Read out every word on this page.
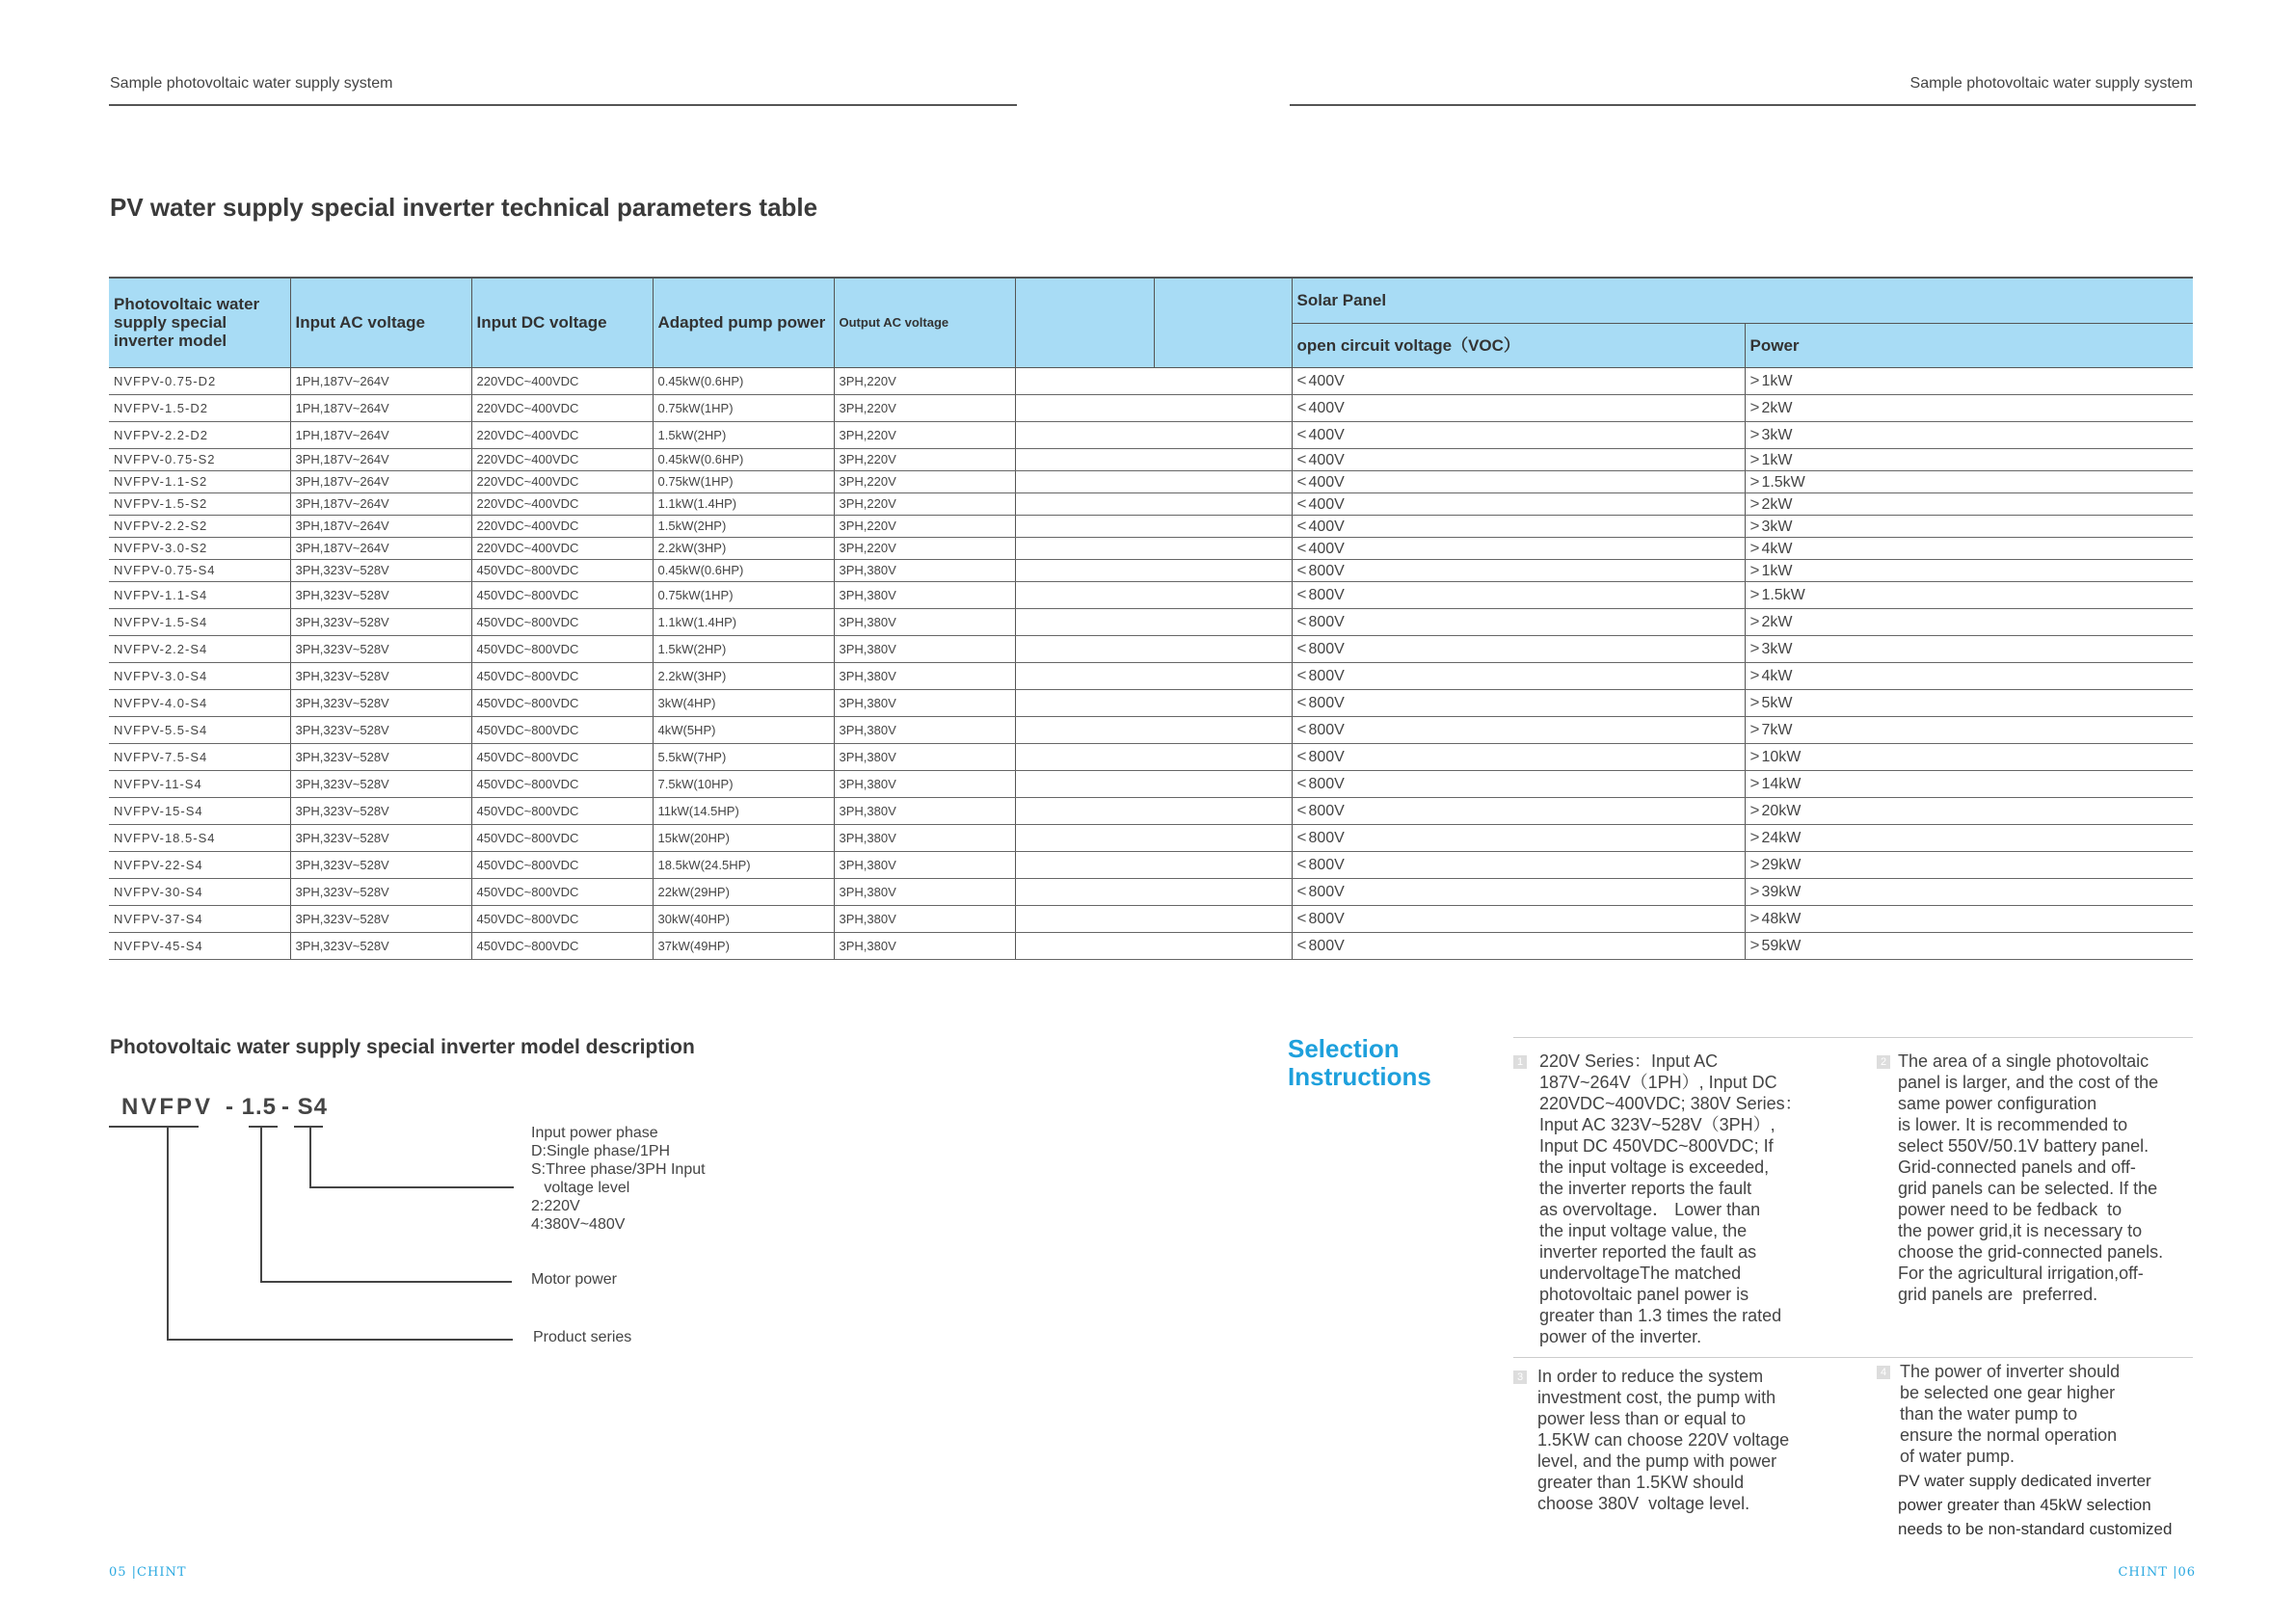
Sample photovoltaic water supply system	Sample photovoltaic water supply system
PV water supply special inverter technical parameters table
Photovoltaic water supply special inverter model	Input AC voltage	Input DC voltage	Adapted pump power	Output AC voltage			Solar Panel	
							open circuit voltage（VOC）	Power
NVFPV-0.75-D2	1PH,187V~264V	220VDC~400VDC	0.45kW(0.6HP)	3PH,220V			< 400V	> 1kW
NVFPV-1.5-D2	1PH,187V~264V	220VDC~400VDC	0.75kW(1HP)	3PH,220V			< 400V	> 2kW
NVFPV-2.2-D2	1PH,187V~264V	220VDC~400VDC	1.5kW(2HP)	3PH,220V			< 400V	> 3kW
NVFPV-0.75-S2	3PH,187V~264V	220VDC~400VDC	0.45kW(0.6HP)	3PH,220V			< 400V	> 1kW
NVFPV-1.1-S2	3PH,187V~264V	220VDC~400VDC	0.75kW(1HP)	3PH,220V			< 400V	> 1.5kW
NVFPV-1.5-S2	3PH,187V~264V	220VDC~400VDC	1.1kW(1.4HP)	3PH,220V			< 400V	> 2kW
NVFPV-2.2-S2	3PH,187V~264V	220VDC~400VDC	1.5kW(2HP)	3PH,220V			< 400V	> 3kW
NVFPV-3.0-S2	3PH,187V~264V	220VDC~400VDC	2.2kW(3HP)	3PH,220V			< 400V	> 4kW
NVFPV-0.75-S4	3PH,323V~528V	450VDC~800VDC	0.45kW(0.6HP)	3PH,380V			< 800V	> 1kW
NVFPV-1.1-S4	3PH,323V~528V	450VDC~800VDC	0.75kW(1HP)	3PH,380V			< 800V	> 1.5kW
NVFPV-1.5-S4	3PH,323V~528V	450VDC~800VDC	1.1kW(1.4HP)	3PH,380V			< 800V	> 2kW
NVFPV-2.2-S4	3PH,323V~528V	450VDC~800VDC	1.5kW(2HP)	3PH,380V			< 800V	> 3kW
NVFPV-3.0-S4	3PH,323V~528V	450VDC~800VDC	2.2kW(3HP)	3PH,380V			< 800V	> 4kW
NVFPV-4.0-S4	3PH,323V~528V	450VDC~800VDC	3kW(4HP)	3PH,380V			< 800V	> 5kW
NVFPV-5.5-S4	3PH,323V~528V	450VDC~800VDC	4kW(5HP)	3PH,380V			< 800V	> 7kW
NVFPV-7.5-S4	3PH,323V~528V	450VDC~800VDC	5.5kW(7HP)	3PH,380V			< 800V	> 10kW
NVFPV-11-S4	3PH,323V~528V	450VDC~800VDC	7.5kW(10HP)	3PH,380V			< 800V	> 14kW
NVFPV-15-S4	3PH,323V~528V	450VDC~800VDC	11kW(14.5HP)	3PH,380V			< 800V	> 20kW
NVFPV-18.5-S4	3PH,323V~528V	450VDC~800VDC	15kW(20HP)	3PH,380V			< 800V	> 24kW
NVFPV-22-S4	3PH,323V~528V	450VDC~800VDC	18.5kW(24.5HP)	3PH,380V			< 800V	> 29kW
NVFPV-30-S4	3PH,323V~528V	450VDC~800VDC	22kW(29HP)	3PH,380V			< 800V	> 39kW
NVFPV-37-S4	3PH,323V~528V	450VDC~800VDC	30kW(40HP)	3PH,380V			< 800V	> 48kW
NVFPV-45-S4	3PH,323V~528V	450VDC~800VDC	37kW(49HP)	3PH,380V			< 800V	> 59kW
Photovoltaic water supply special inverter model description
NVFPV - 1.5 - S4
Input power phase
D:Single phase/1PH
S:Three phase/3PH Input
voltage level
2:220V
4:380V~480V
Motor power
Product series
Selection
Instructions	1 220V Series：Input AC
187V~264V（1PH）, Input DC
220VDC~400VDC; 380V Series：
Input AC 323V~528V（3PH）,
Input DC 450VDC~800VDC; If
the input voltage is exceeded,
the inverter reports the fault
as overvoltage． Lower than
the input voltage value, the
inverter reported the fault as
undervoltageThe matched
photovoltaic panel power is
greater than 1.3 times the rated
power of the inverter.
2 The area of a single photovoltaic
panel is larger, and the cost of the
same power configuration
is lower. It is recommended to
select 550V/50.1V battery panel.
Grid-connected panels and off-
grid panels can be selected. If the
power need to be fedback  to
the power grid,it is necessary to
choose the grid-connected panels.
For the agricultural irrigation,off-
grid panels are  preferred.
3 In order to reduce the system
investment cost, the pump with
power less than or equal to
1.5KW can choose 220V voltage
level, and the pump with power
greater than 1.5KW should
choose 380V  voltage level.
4 The power of inverter should
be selected one gear higher
than the water pump to
ensure the normal operation
of water pump.
PV water supply dedicated inverter
power greater than 45kW selection
needs to be non-standard customized
05 |CHINT	CHINT |06
